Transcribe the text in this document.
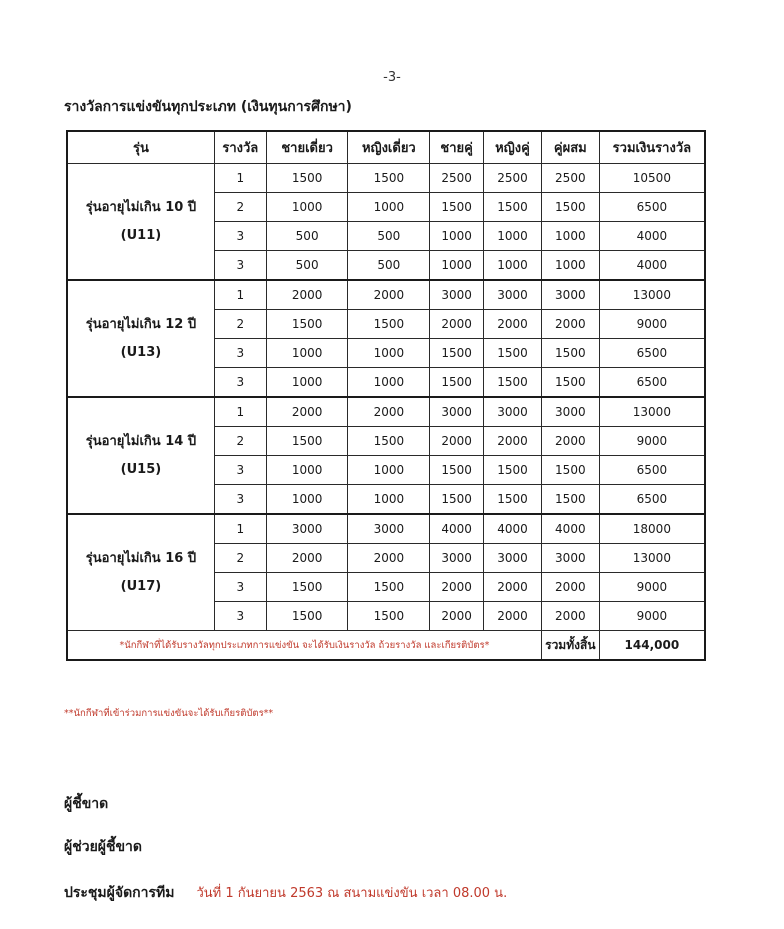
-3-
รางวัลการแข่งขันทุกประเภท (เงินทุนการศึกษา)
รุ่น	รางวัล	ชายเดี่ยว	หญิงเดี่ยว	ชายคู่	หญิงคู่	คู่ผสม	รวมเงินรางวัล

รุ่นอายุไม่เกิน 10 ปี
(U11)	1	1500	1500	2500	2500	2500	10500
	2	1000	1000	1500	1500	1500	6500
	3	500	500	1000	1000	1000	4000
	3	500	500	1000	1000	1000	4000

รุ่นอายุไม่เกิน 12 ปี
(U13)	1	2000	2000	3000	3000	3000	13000
	2	1500	1500	2000	2000	2000	9000
	3	1000	1000	1500	1500	1500	6500
	3	1000	1000	1500	1500	1500	6500

รุ่นอายุไม่เกิน 14 ปี
(U15)	1	2000	2000	3000	3000	3000	13000
	2	1500	1500	2000	2000	2000	9000
	3	1000	1000	1500	1500	1500	6500
	3	1000	1000	1500	1500	1500	6500

รุ่นอายุไม่เกิน 16 ปี
(U17)	1	3000	3000	4000	4000	4000	18000
	2	2000	2000	3000	3000	3000	13000
	3	1500	1500	2000	2000	2000	9000
	3	1500	1500	2000	2000	2000	9000
*นักกีฬาที่ได้รับรางวัลทุกประเภทการแข่งขัน จะได้รับเงินรางวัล ถ้วยรางวัล และเกียรติบัตร*						รวมทั้งสิ้น	144,000
**นักกีฬาที่เข้าร่วมการแข่งขันจะได้รับเกียรติบัตร**
ผู้ชี้ขาด
ผู้ช่วยผู้ชี้ขาด
ประชุมผู้จัดการทีม วันที่ 1 กันยายน 2563 ณ สนามแข่งขัน เวลา 08.00 น.
